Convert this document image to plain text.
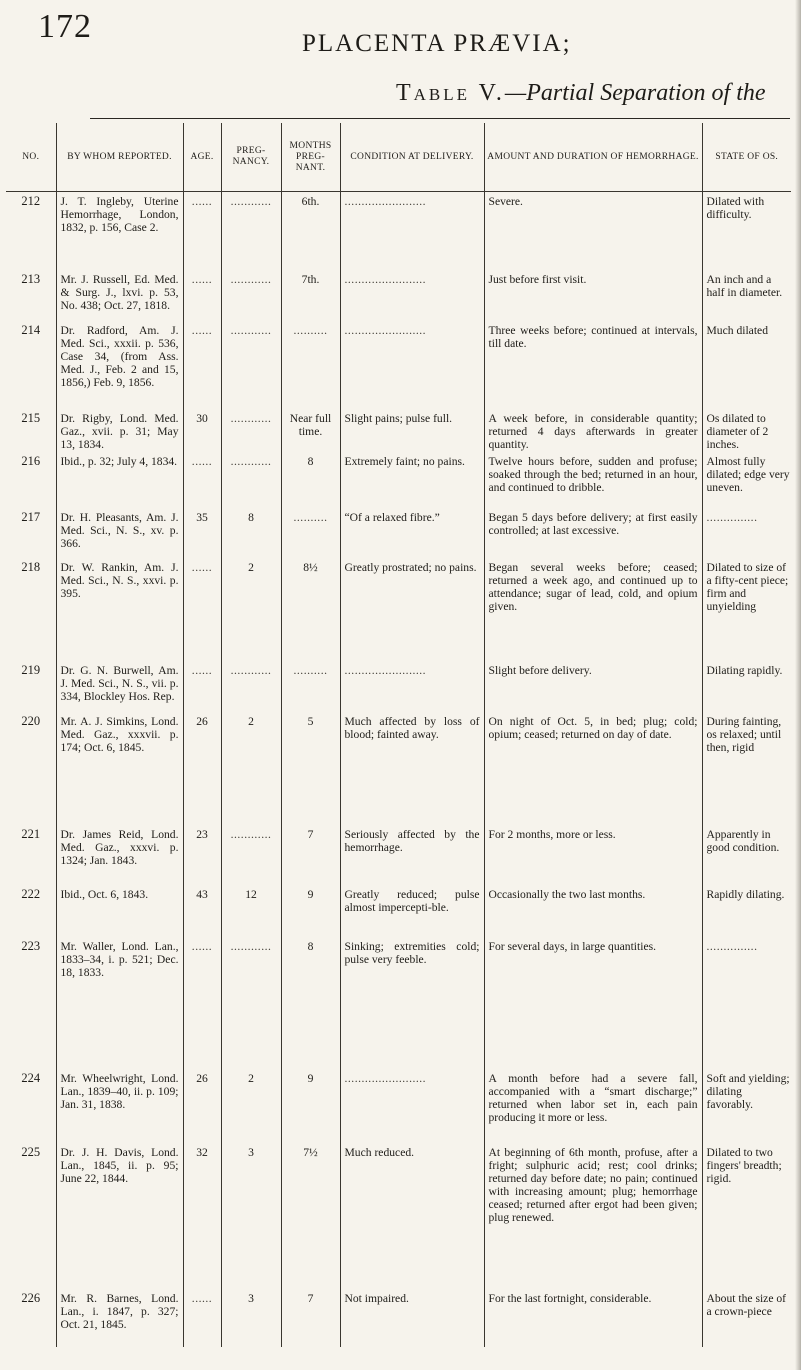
172	PLACENTA PRÆVIA;
Table V.—Partial Separation of the
NO.	BY WHOM REPORTED.	AGE.	PREG- NANCY.	MONTHS PREG- NANT.	CONDITION AT DELIVERY.	AMOUNT AND DURATION OF HEMORRHAGE.	STATE OF OS.
212	J. T. Ingleby, Uterine Hemorrhage, London, 1832, p. 156, Case 2.	......	............	6th.	........................	Severe.	Dilated with difficulty.
213	Mr. J. Russell, Ed. Med. & Surg. J., lxvi. p. 53, No. 438; Oct. 27, 1818.	......	............	7th.	........................	Just before first visit.	An inch and a half in diameter.
214	Dr. Radford, Am. J. Med. Sci., xxxii. p. 536, Case 34, (from Ass. Med. J., Feb. 2 and 15, 1856,) Feb. 9, 1856.	......	............	..........	........................	Three weeks before; continued at intervals, till date.	Much dilated
215	Dr. Rigby, Lond. Med. Gaz., xvii. p. 31; May 13, 1834.	30	............	Near full time.	Slight pains; pulse full.	A week before, in considerable quantity; returned 4 days afterwards in greater quantity.	Os dilated to diameter of 2 inches.
216	Ibid., p. 32; July 4, 1834.	......	............	8	Extremely faint; no pains.	Twelve hours before, sudden and profuse; soaked through the bed; returned in an hour, and continued to dribble.	Almost fully dilated; edge very uneven.
217	Dr. H. Pleasants, Am. J. Med. Sci., N. S., xv. p. 366.	35	8	..........	“Of a relaxed fibre.”	Began 5 days before delivery; at first easily controlled; at last excessive.	...............
218	Dr. W. Rankin, Am. J. Med. Sci., N. S., xxvi. p. 395.	......	2	8½	Greatly prostrated; no pains.	Began several weeks before; ceased; returned a week ago, and continued up to attendance; sugar of lead, cold, and opium given.	Dilated to size of a fifty-cent piece; firm and unyielding
219	Dr. G. N. Burwell, Am. J. Med. Sci., N. S., vii. p. 334, Blockley Hos. Rep.	......	............	..........	........................	Slight before delivery.	Dilating rapidly.
220	Mr. A. J. Simkins, Lond. Med. Gaz., xxxvii. p. 174; Oct. 6, 1845.	26	2	5	Much affected by loss of blood; fainted away.	On night of Oct. 5, in bed; plug; cold; opium; ceased; returned on day of date.	During fainting, os relaxed; until then, rigid
221	Dr. James Reid, Lond. Med. Gaz., xxxvi. p. 1324; Jan. 1843.	23	............	7	Seriously affected by the hemorrhage.	For 2 months, more or less.	Apparently in good condition.
222	Ibid., Oct. 6, 1843.	43	12	9	Greatly reduced; pulse almost impercepti-ble.	Occasionally the two last months.	Rapidly dilating.
223	Mr. Waller, Lond. Lan., 1833–34, i. p. 521; Dec. 18, 1833.	......	............	8	Sinking; extremities cold; pulse very feeble.	For several days, in large quantities.	...............
224	Mr. Wheelwright, Lond. Lan., 1839–40, ii. p. 109; Jan. 31, 1838.	26	2	9	........................	A month before had a severe fall, accompanied with a “smart discharge;” returned when labor set in, each pain producing it more or less.	Soft and yielding; dilating favorably.
225	Dr. J. H. Davis, Lond. Lan., 1845, ii. p. 95; June 22, 1844.	32	3	7½	Much reduced.	At beginning of 6th month, profuse, after a fright; sulphuric acid; rest; cool drinks; returned day before date; no pain; continued with increasing amount; plug; hemorrhage ceased; returned after ergot had been given; plug renewed.	Dilated to two fingers' breadth; rigid.
226	Mr. R. Barnes, Lond. Lan., i. 1847, p. 327; Oct. 21, 1845.	......	3	7	Not impaired.	For the last fortnight, considerable.	About the size of a crown-piece
